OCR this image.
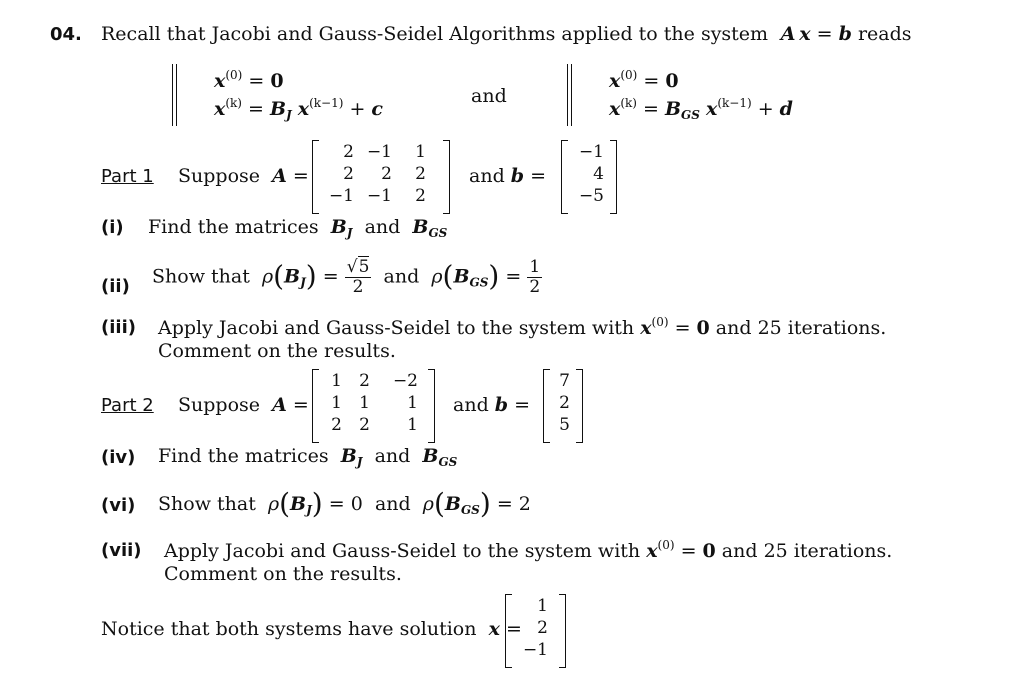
04. Recall that Jacobi and Gauss-Seidel Algorithms applied to the system  A x = b reads
$x^{(0)} = 0$
$x^{(k)} = B_J$ $x^{(k-1)} + c$
and
$x^{(0)} = 0$
$x^{(k)} = B_{GS}$ $x^{(k-1)} + d$
Part 1 Suppose A =
2 −1	1
2	2	2
−1 −1	2
and b =
−1
4
−5
(i) Find the matrices $B_J$  and  $B_{GS}$
(ii) Show that $\rho(B_J) = \frac{√5}{2}$ and $\rho(B_{GS}) = \frac{1}{2}$
(iii) Apply Jacobi and Gauss-Seidel to the system with $x^{(0)} = 0$ and 25 iterations.
Comment on the results.
Part 2 Suppose A =
1	2	−2
1	1	1
2	2	1
and b =
7
2
5
(iv) Find the matrices $B_J$  and  $B_{GS}$
(vi) Show that $\rho(B_J) = 0$ and $\rho(B_{GS}) = 2$
(vii) Apply Jacobi and Gauss-Seidel to the system with $x^{(0)} = 0$ and 25 iterations.
Comment on the results.
Notice that both systems have solution x =
1
2
−1
